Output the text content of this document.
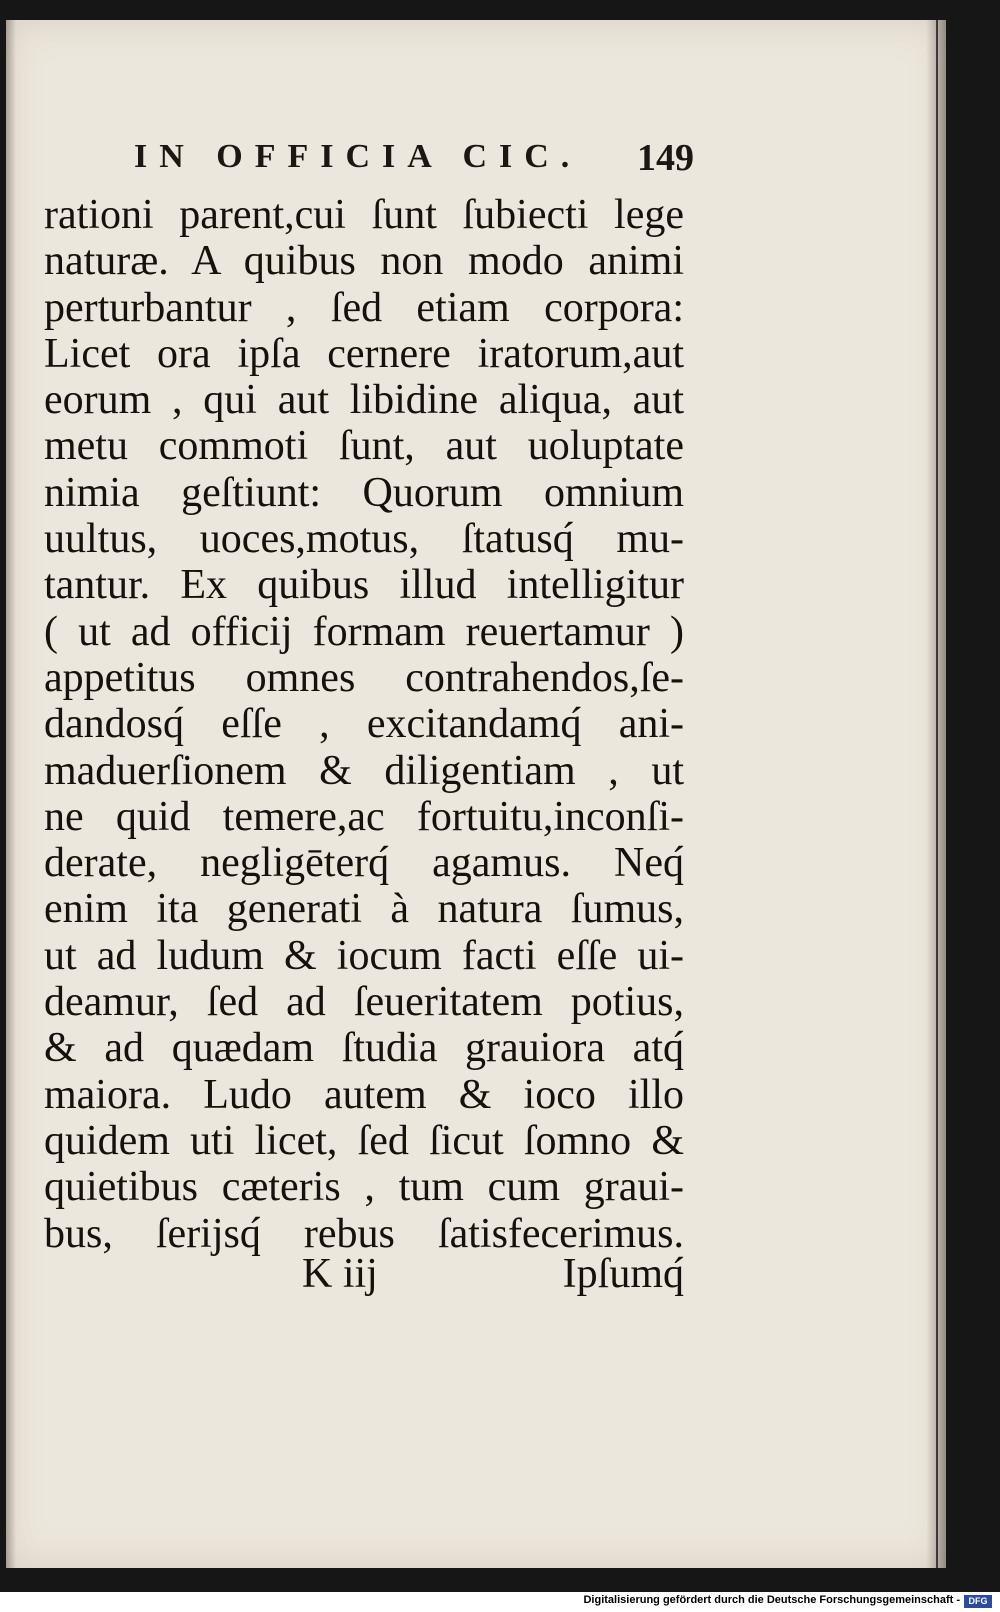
IN OFFICIA CIC. 149
rationi parent,cui ſunt ſubiecti lege
naturæ. A quibus non modo animi
perturbantur , ſed etiam corpora:
Licet ora ipſa cernere iratorum,aut
eorum , qui aut libidine aliqua, aut
metu commoti ſunt, aut uoluptate
nimia geſtiunt: Quorum omnium
uultus, uoces,motus, ſtatusq́ mu-
tantur. Ex quibus illud intelligitur
( ut ad officij formam reuertamur )
appetitus omnes contrahendos,ſe-
dandosq́ eſſe , excitandamq́ ani-
maduerſionem & diligentiam , ut
ne quid temere,ac fortuitu,inconſi-
derate, negligēterq́ agamus. Neq́
enim ita generati à natura ſumus,
ut ad ludum & iocum facti eſſe ui-
deamur, ſed ad ſeueritatem potius,
& ad quædam ſtudia grauiora atq́
maiora. Ludo autem & ioco illo
quidem uti licet, ſed ſicut ſomno &
quietibus cæteris , tum cum graui-
bus, ſerijsq́ rebus ſatisfecerimus.
K iij	Ipſumq́
Digitalisierung gefördert durch die Deutsche Forschungsgemeinschaft - DFG
